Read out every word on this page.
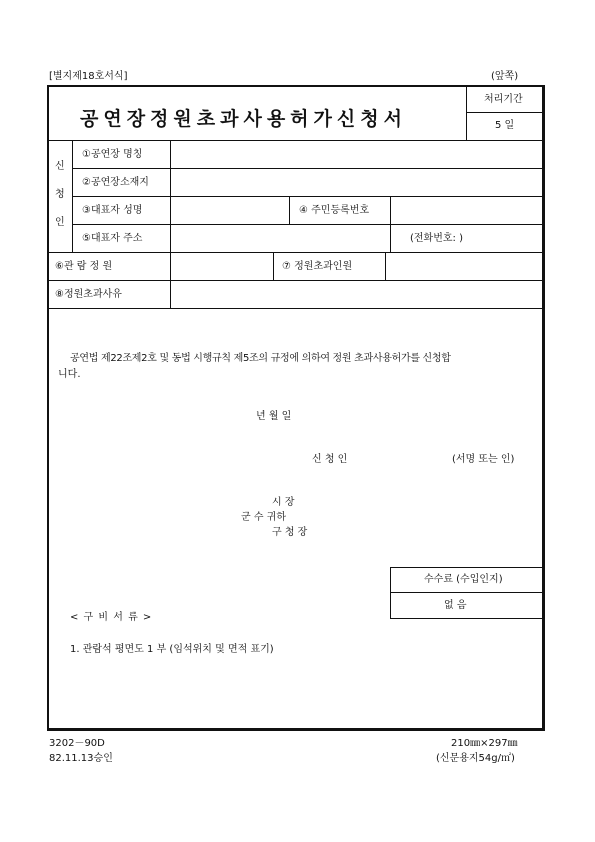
[별지제18호서식]	(앞쪽)
공연장정원초과사용허가신청서
처리기간
5 일
신
청
인
①공연장 명칭
②공연장소재지
③대표자 성명	④ 주민등록번호
⑤대표자 주소	(전화번호: )
⑥관 람 정 원	⑦ 정원초과인원
⑧정원초과사유
공연법 제22조제2호 및 동법 시행규칙 제5조의 규정에 의하여 정원 초과사용허가를 신청합
니다.
년 월 일
신 청 인	(서명 또는 인)
시 장
군 수 귀하
구 청 장
수수료 (수입인지)
없 음
< 구 비 서 류 >
1. 관람석 평면도 1 부 (임석위치 및 면적 표기)
3202－90D
82.11.13승인
210㎜×297㎜
(신문용지54g/㎡)
